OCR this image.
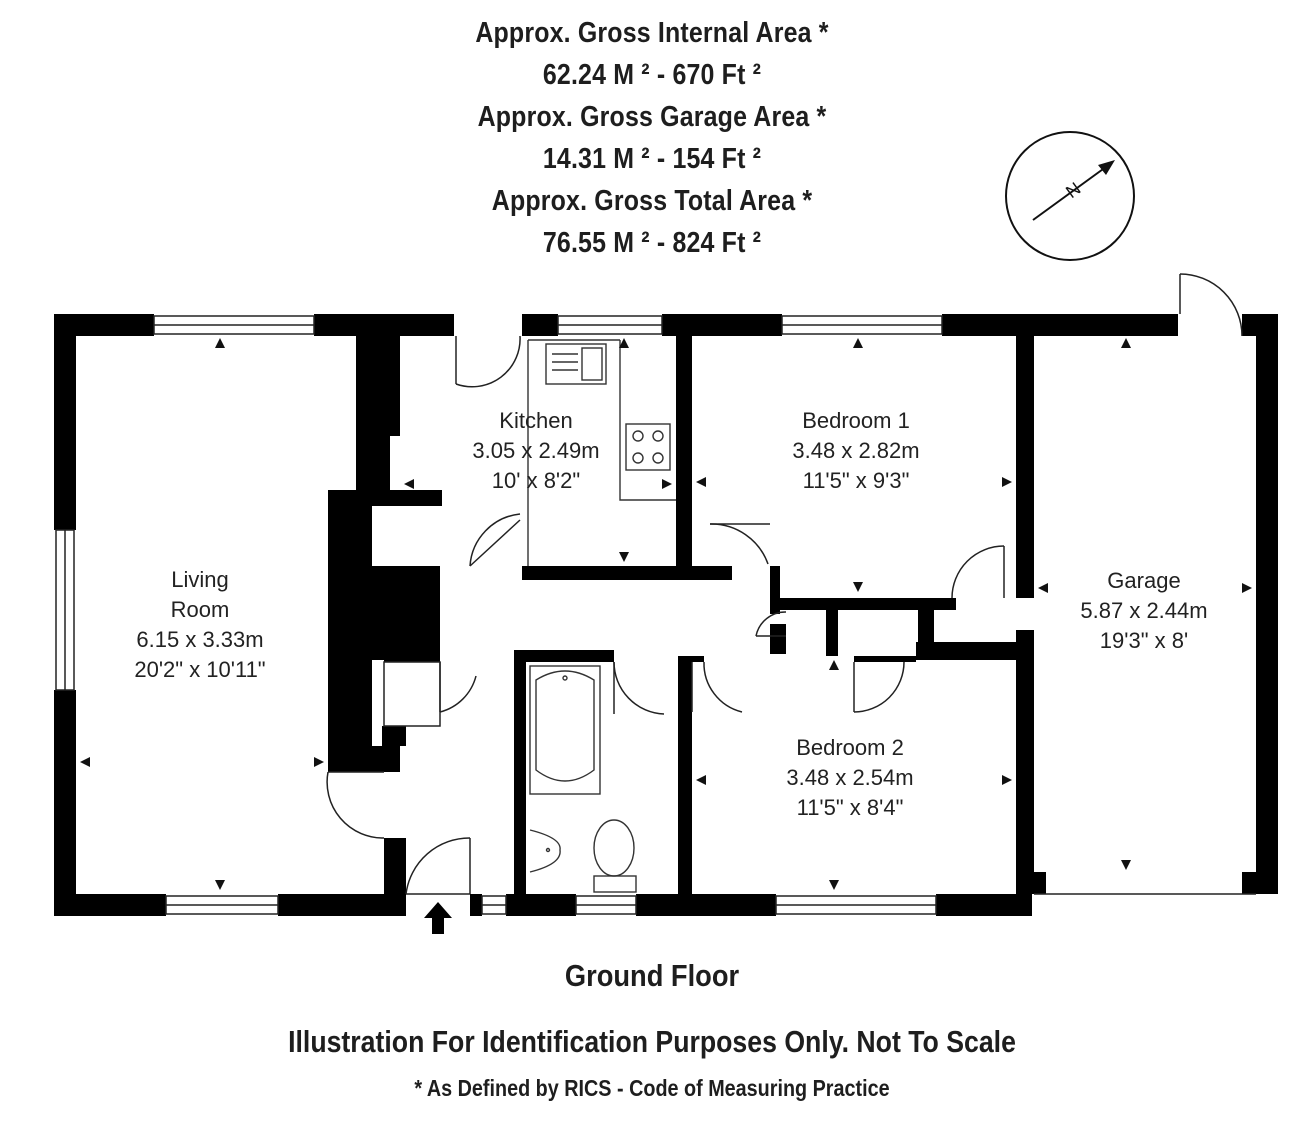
Approx. Gross Internal Area *
62.24 M ² - 670 Ft ²
Approx. Gross Garage Area *
14.31 M ² - 154 Ft ²
Approx. Gross Total Area *
76.55 M ² - 824 Ft ²
N
Living
Room
6.15 x 3.33m
20'2" x 10'11"
Kitchen
3.05 x 2.49m
10' x 8'2"
Bedroom 1
3.48 x 2.82m
11'5" x 9'3"
Bedroom 2
3.48 x 2.54m
11'5" x 8'4"
Garage
5.87 x 2.44m
19'3" x 8'
Ground Floor
Illustration For Identification Purposes Only. Not To Scale
* As Defined by RICS - Code of Measuring Practice
